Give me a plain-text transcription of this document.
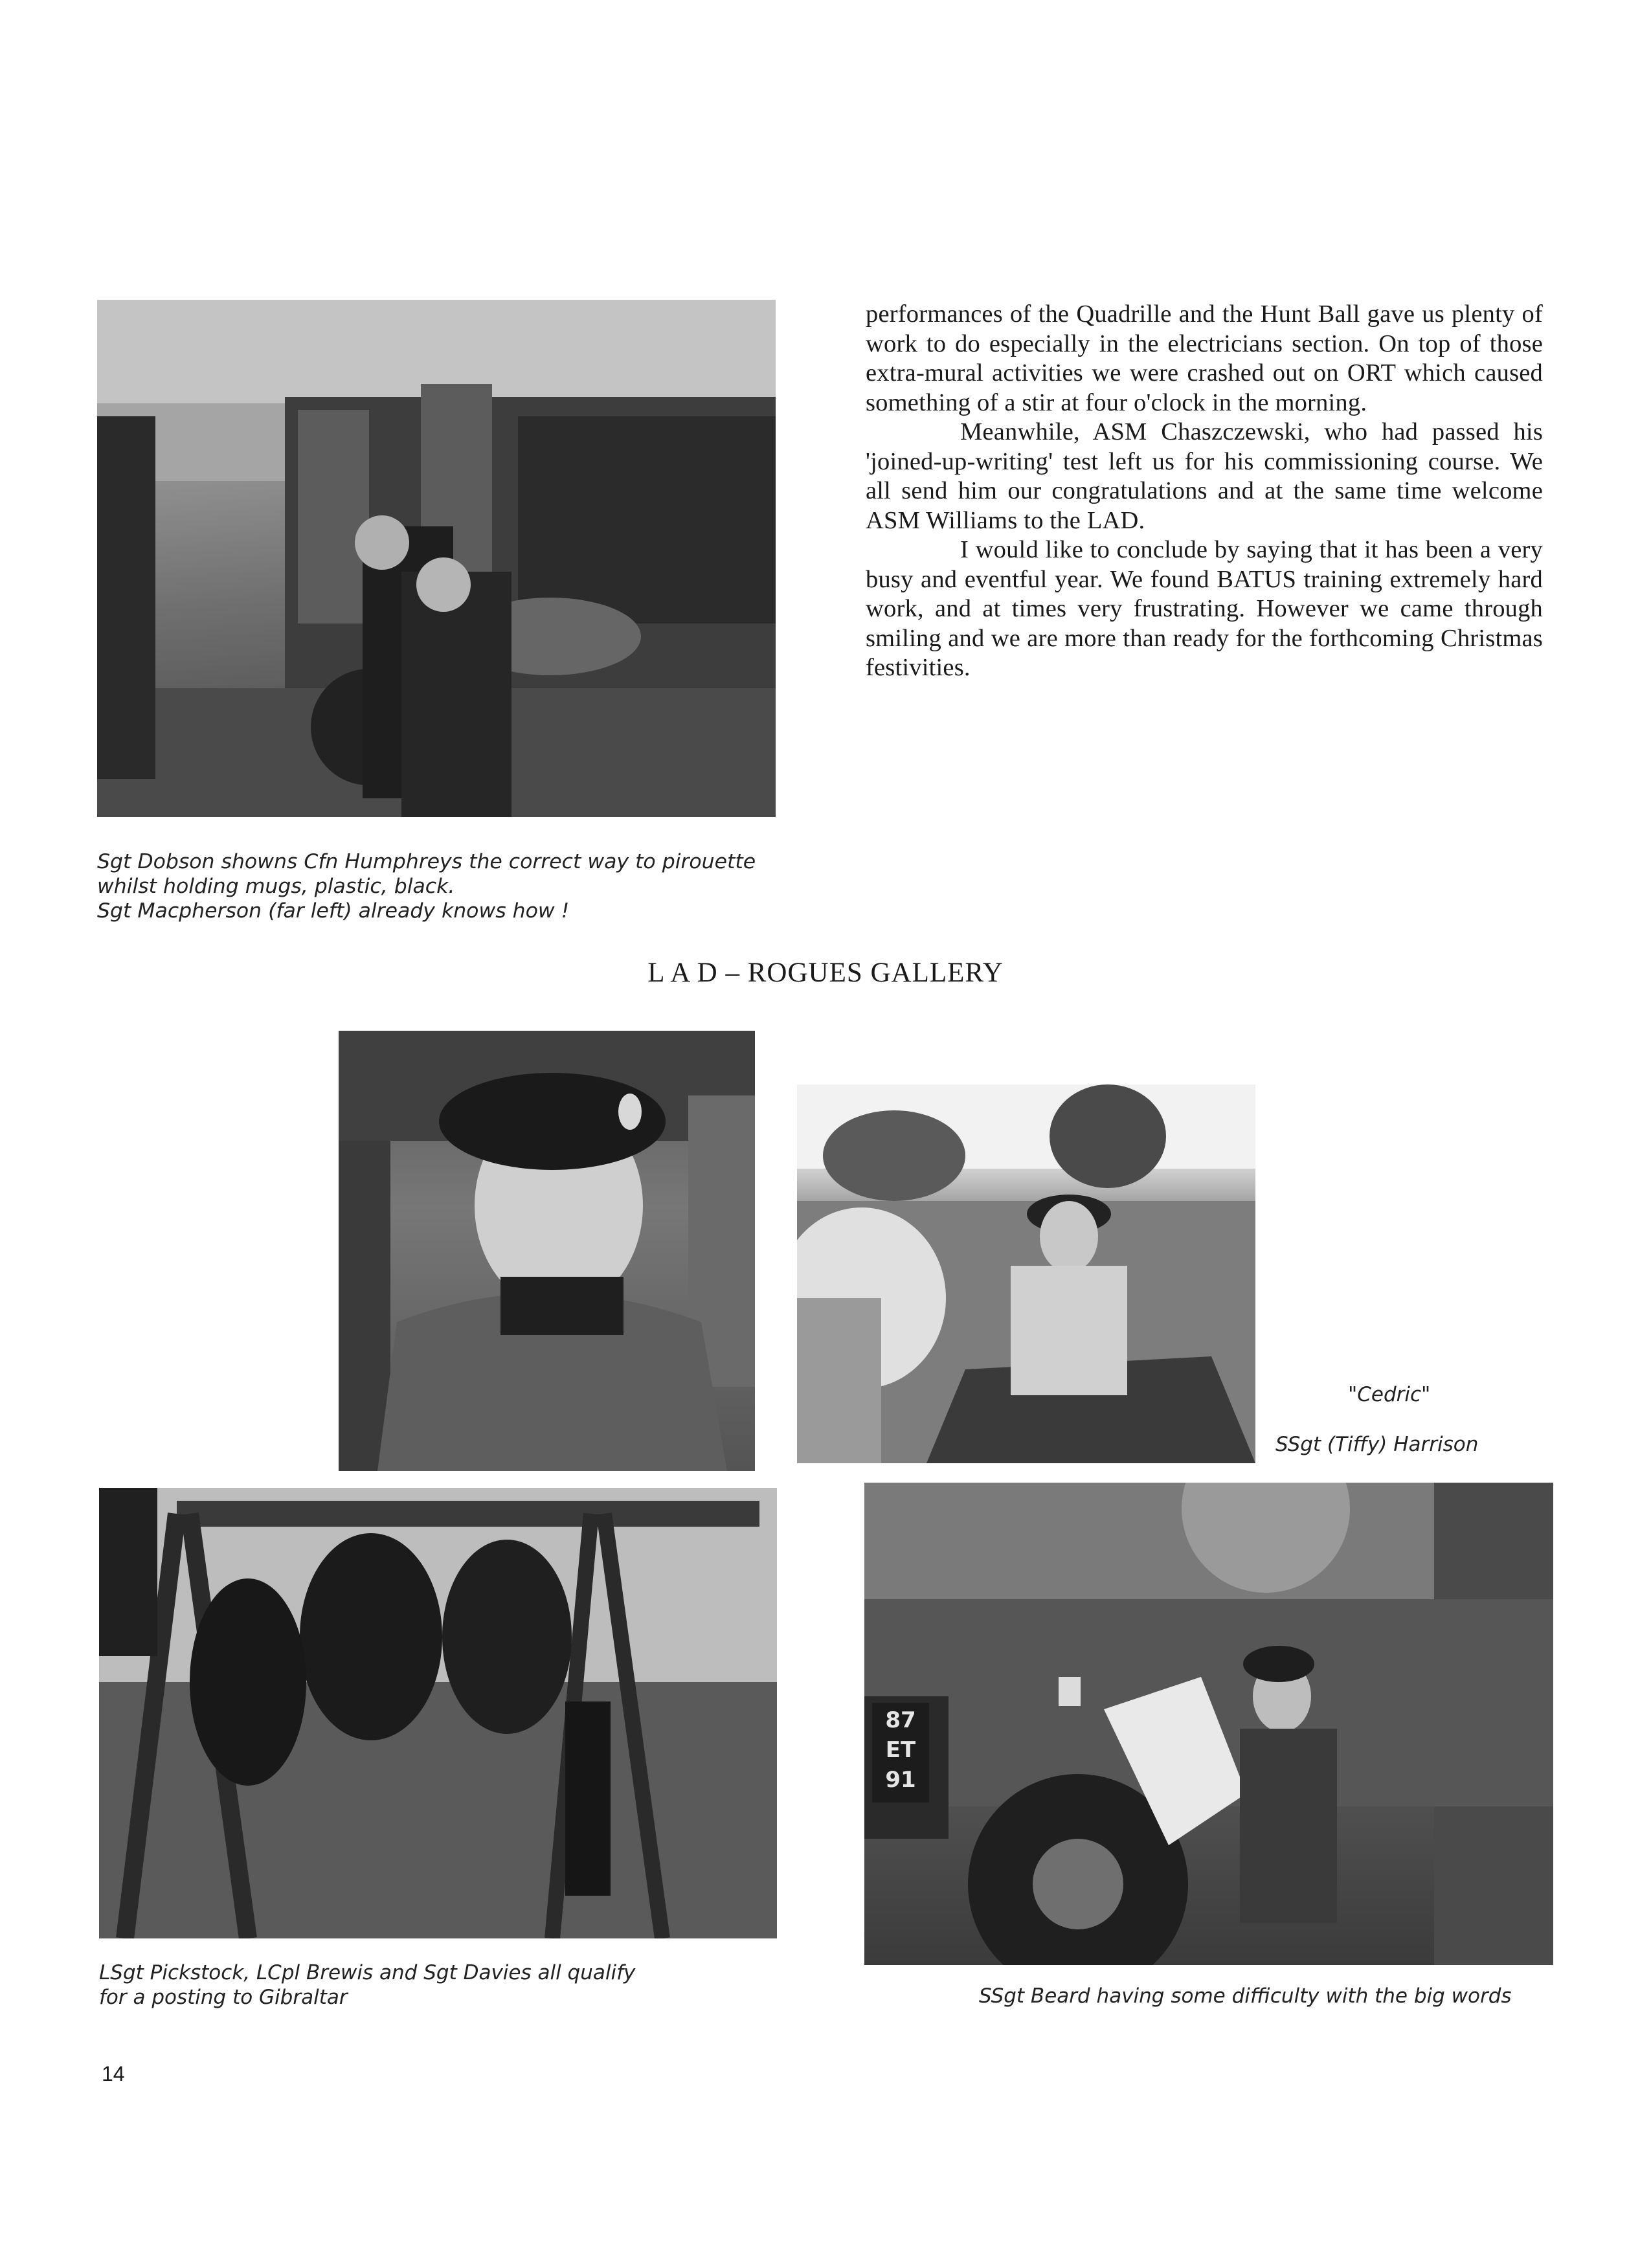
performances of the Quadrille and the Hunt Ball gave us plenty of work to do especially in the electricians section. On top of those extra-mural activities we were crashed out on ORT which caused something of a stir at four o'clock in the morning.

Meanwhile, ASM Chaszczewski, who had passed his 'joined-up-writing' test left us for his commissioning course. We all send him our congratulations and at the same time welcome ASM Williams to the LAD.

I would like to conclude by saying that it has been a very busy and eventful year. We found BATUS training extremely hard work, and at times very frustrating. However we came through smiling and we are more than ready for the forthcoming Christmas festivities.

Sgt Dobson showns Cfn Humphreys the correct way to pirouette
whilst holding mugs, plastic, black.
Sgt Macpherson (far left) already knows how !
L A D – ROGUES GALLERY
"Cedric"
SSgt (Tiffy) Harrison
LSgt Pickstock, LCpl Brewis and Sgt Davies all qualify
for a posting to Gibraltar
87
ET
91
SSgt Beard having some difficulty with the big words
14
